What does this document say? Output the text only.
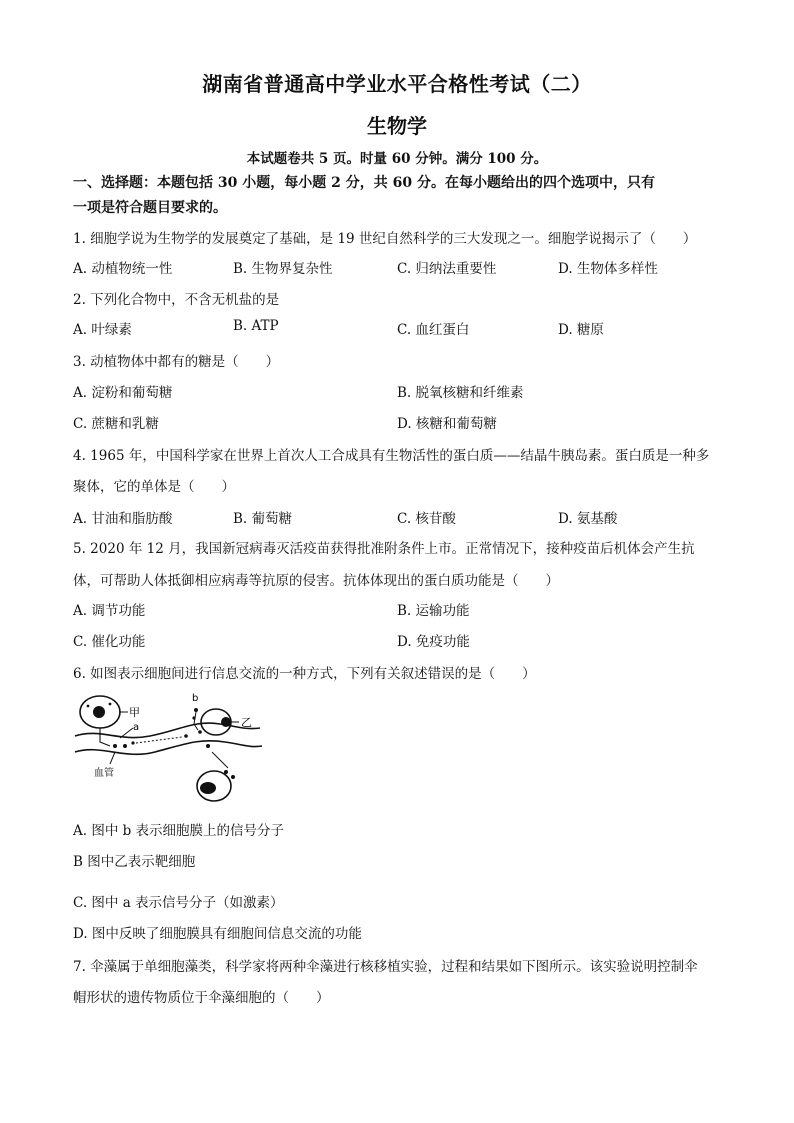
湖南省普通高中学业水平合格性考试（二）
生物学
本试题卷共 5 页。时量 60 分钟。满分 100 分。
一、选择题：本题包括 30 小题，每小题 2 分，共 60 分。在每小题给出的四个选项中，只有
一项是符合题目要求的。
1. 细胞学说为生物学的发展奠定了基础，是 19 世纪自然科学的三大发现之一。细胞学说揭示了（　　）
A. 动植物统一性	B. 生物界复杂性	C. 归纳法重要性	D. 生物体多样性
2. 下列化合物中，不含无机盐的是
A. 叶绿素	B. ATP	C. 血红蛋白	D. 糖原
3. 动植物体中都有的糖是（　　）
A. 淀粉和葡萄糖	B. 脱氧核糖和纤维素
C. 蔗糖和乳糖	D. 核糖和葡萄糖
4. 1965 年，中国科学家在世界上首次人工合成具有生物活性的蛋白质——结晶牛胰岛素。蛋白质是一种多
聚体，它的单体是（　　）
A. 甘油和脂肪酸	B. 葡萄糖	C. 核苷酸	D. 氨基酸
5. 2020 年 12 月，我国新冠病毒灭活疫苗获得批准附条件上市。正常情况下，接种疫苗后机体会产生抗
体，可帮助人体抵御相应病毒等抗原的侵害。抗体体现出的蛋白质功能是（　　）
A. 调节功能	B. 运输功能
C. 催化功能	D. 免疫功能
6. 如图表示细胞间进行信息交流的一种方式，下列有关叙述错误的是（　　）
甲
a
b
乙
血管
A. 图中 b 表示细胞膜上的信号分子
B 图中乙表示靶细胞
C. 图中 a 表示信号分子（如激素）
D. 图中反映了细胞膜具有细胞间信息交流的功能
7. 伞藻属于单细胞藻类，科学家将两种伞藻进行核移植实验，过程和结果如下图所示。该实验说明控制伞
帽形状的遗传物质位于伞藻细胞的（　　）
